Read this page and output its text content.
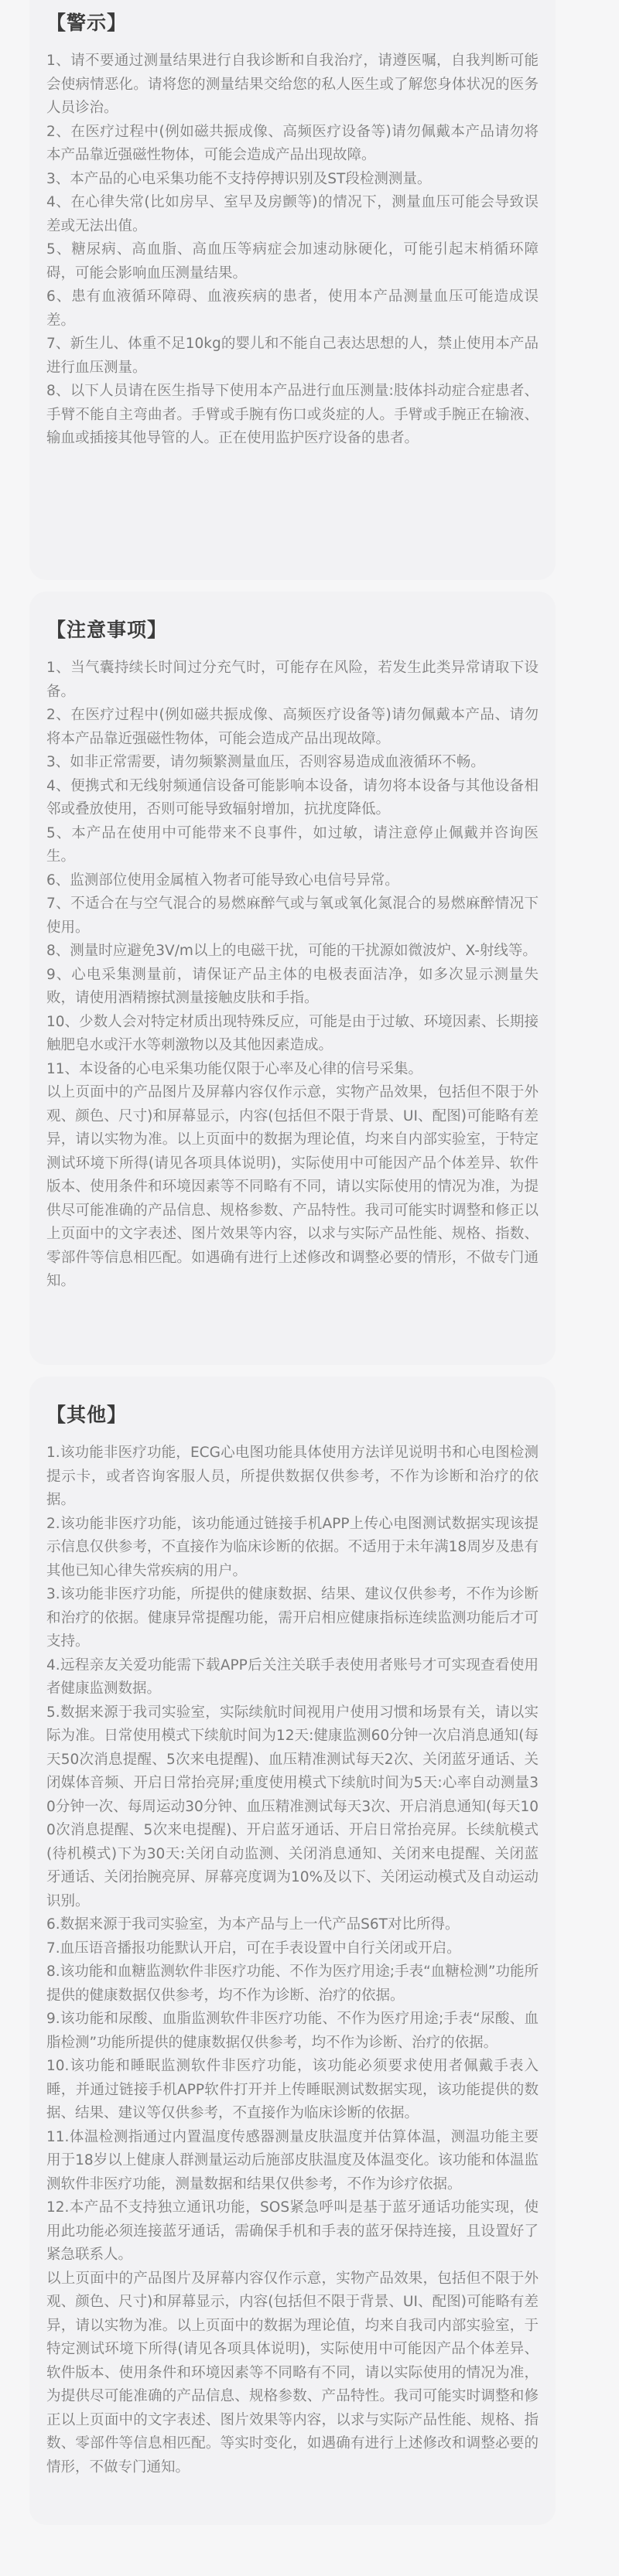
【警示】

1、请不要通过测量结果进行自我诊断和自我治疗，请遵医嘱，自我判断可能会使病情恶化。请将您的测量结果交给您的私人医生或了解您身体状况的医务人员诊治。

2、在医疗过程中(例如磁共振成像、高频医疗设备等)请勿佩戴本产品请勿将本产品靠近强磁性物体，可能会造成产品出现故障。

3、本产品的心电采集功能不支持停搏识别及ST段检测测量。

4、在心律失常(比如房早、室早及房颤等)的情况下，测量血压可能会导致误差或无法出值。

5、糖尿病、高血脂、高血压等病症会加速动脉硬化，可能引起末梢循环障碍，可能会影响血压测量结果。

6、患有血液循环障碍、血液疾病的患者，使用本产品测量血压可能造成误差。

7、新生儿、体重不足10kg的婴儿和不能自己表达思想的人，禁止使用本产品进行血压测量。

8、以下人员请在医生指导下使用本产品进行血压测量:肢体抖动症合症患者、手臂不能自主弯曲者。手臂或手腕有伤口或炎症的人。手臂或手腕正在输液、输血或插接其他导管的人。正在使用监护医疗设备的患者。

【注意事项】

1、当气囊持续长时间过分充气时，可能存在风险，若发生此类异常请取下设备。

2、在医疗过程中(例如磁共振成像、高频医疗设备等)请勿佩戴本产品、请勿将本产品靠近强磁性物体，可能会造成产品出现故障。

3、如非正常需要，请勿频繁测量血压，否则容易造成血液循环不畅。

4、便携式和无线射频通信设备可能影响本设备，请勿将本设备与其他设备相邻或叠放使用，否则可能导致辐射增加，抗扰度降低。

5、本产品在使用中可能带来不良事件，如过敏，请注意停止佩戴并咨询医生。

6、监测部位使用金属植入物者可能导致心电信号异常。

7、不适合在与空气混合的易燃麻醉气或与氧或氧化氮混合的易燃麻醉情况下使用。

8、测量时应避免3V/m以上的电磁干扰，可能的干扰源如微波炉、X-射线等。

9、心电采集测量前，请保证产品主体的电极表面洁净，如多次显示测量失败，请使用酒精擦拭测量接触皮肤和手指。

10、少数人会对特定材质出现特殊反应，可能是由于过敏、环境因素、长期接触肥皂水或汗水等刺激物以及其他因素造成。

11、本设备的心电采集功能仅限于心率及心律的信号采集。

以上页面中的产品图片及屏幕内容仅作示意，实物产品效果，包括但不限于外观、颜色、尺寸)和屏幕显示，内容(包括但不限于背景、UI、配图)可能略有差异，请以实物为准。以上页面中的数据为理论值，均来自内部实验室，于特定测试环境下所得(请见各项具体说明)，实际使用中可能因产品个体差异、软件版本、使用条件和环境因素等不同略有不同，请以实际使用的情况为准，为提供尽可能准确的产品信息、规格参数、产品特性。我司可能实时调整和修正以上页面中的文字表述、图片效果等内容，以求与实际产品性能、规格、指数、零部件等信息相匹配。如遇确有进行上述修改和调整必要的情形，不做专门通知。

【其他】

1.该功能非医疗功能，ECG心电图功能具体使用方法详见说明书和心电图检测提示卡，或者咨询客服人员，所提供数据仅供参考，不作为诊断和治疗的依据。

2.该功能非医疗功能，该功能通过链接手机APP上传心电图测试数据实现该提示信息仅供参考，不直接作为临床诊断的依据。不适用于未年满18周岁及患有其他已知心律失常疾病的用户。

3.该功能非医疗功能，所提供的健康数据、结果、建议仅供参考，不作为诊断和治疗的依据。健康异常提醒功能，需开启相应健康指标连续监测功能后才可支持。

4.远程亲友关爱功能需下载APP后关注关联手表使用者账号才可实现查看使用者健康监测数据。

5.数据来源于我司实验室，实际续航时间视用户使用习惯和场景有关，请以实际为准。日常使用模式下续航时间为12天:健康监测60分钟一次启消息通知(每天50次消息提醒、5次来电提醒)、血压精准测试每天2次、关闭蓝牙通话、关闭媒体音频、开启日常抬亮屏;重度使用模式下续航时间为5天:心率自动测量30分钟一次、每周运动30分钟、血压精准测试每天3次、开启消息通知(每天100次消息提醒、5次来电提醒)、开启蓝牙通话、开启日常抬亮屏。长续航模式(待机模式)下为30天:关闭自动监测、关闭消息通知、关闭来电提醒、关闭蓝牙通话、关闭抬腕亮屏、屏幕亮度调为10%及以下、关闭运动模式及自动运动识别。

6.数据来源于我司实验室，为本产品与上一代产品S6T对比所得。

7.血压语音播报功能默认开启，可在手表设置中自行关闭或开启。

8.该功能和血糖监测软件非医疗功能、不作为医疗用途;手表“血糖检测”功能所提供的健康数据仅供参考，均不作为诊断、治疗的依据。

9.该功能和尿酸、血脂监测软件非医疗功能、不作为医疗用途;手表“尿酸、血脂检测”功能所提供的健康数据仅供参考，均不作为诊断、治疗的依据。

10.该功能和睡眠监测软件非医疗功能，该功能必须要求使用者佩戴手表入睡，并通过链接手机APP软件打开并上传睡眠测试数据实现，该功能提供的数据、结果、建议等仅供参考，不直接作为临床诊断的依据。

11.体温检测指通过内置温度传感器测量皮肤温度并估算体温，测温功能主要用于18岁以上健康人群测量运动后施部皮肤温度及体温变化。该功能和体温监测软件非医疗功能，测量数据和结果仅供参考，不作为诊疗依据。

12.本产品不支持独立通讯功能，SOS紧急呼叫是基于蓝牙通话功能实现，使用此功能必须连接蓝牙通话，需确保手机和手表的蓝牙保持连接，且设置好了紧急联系人。

以上页面中的产品图片及屏幕内容仅作示意，实物产品效果，包括但不限于外观、颜色、尺寸)和屏幕显示，内容(包括但不限于背景、UI、配图)可能略有差异，请以实物为准。以上页面中的数据为理论值，均来自我司内部实验室，于特定测试环境下所得(请见各项具体说明)，实际使用中可能因产品个体差异、软件版本、使用条件和环境因素等不同略有不同，请以实际使用的情况为准，为提供尽可能准确的产品信息、规格参数、产品特性。我司可能实时调整和修正以上页面中的文字表述、图片效果等内容，以求与实际产品性能、规格、指数、零部件等信息相匹配。等实时变化，如遇确有进行上述修改和调整必要的情形，不做专门通知。
